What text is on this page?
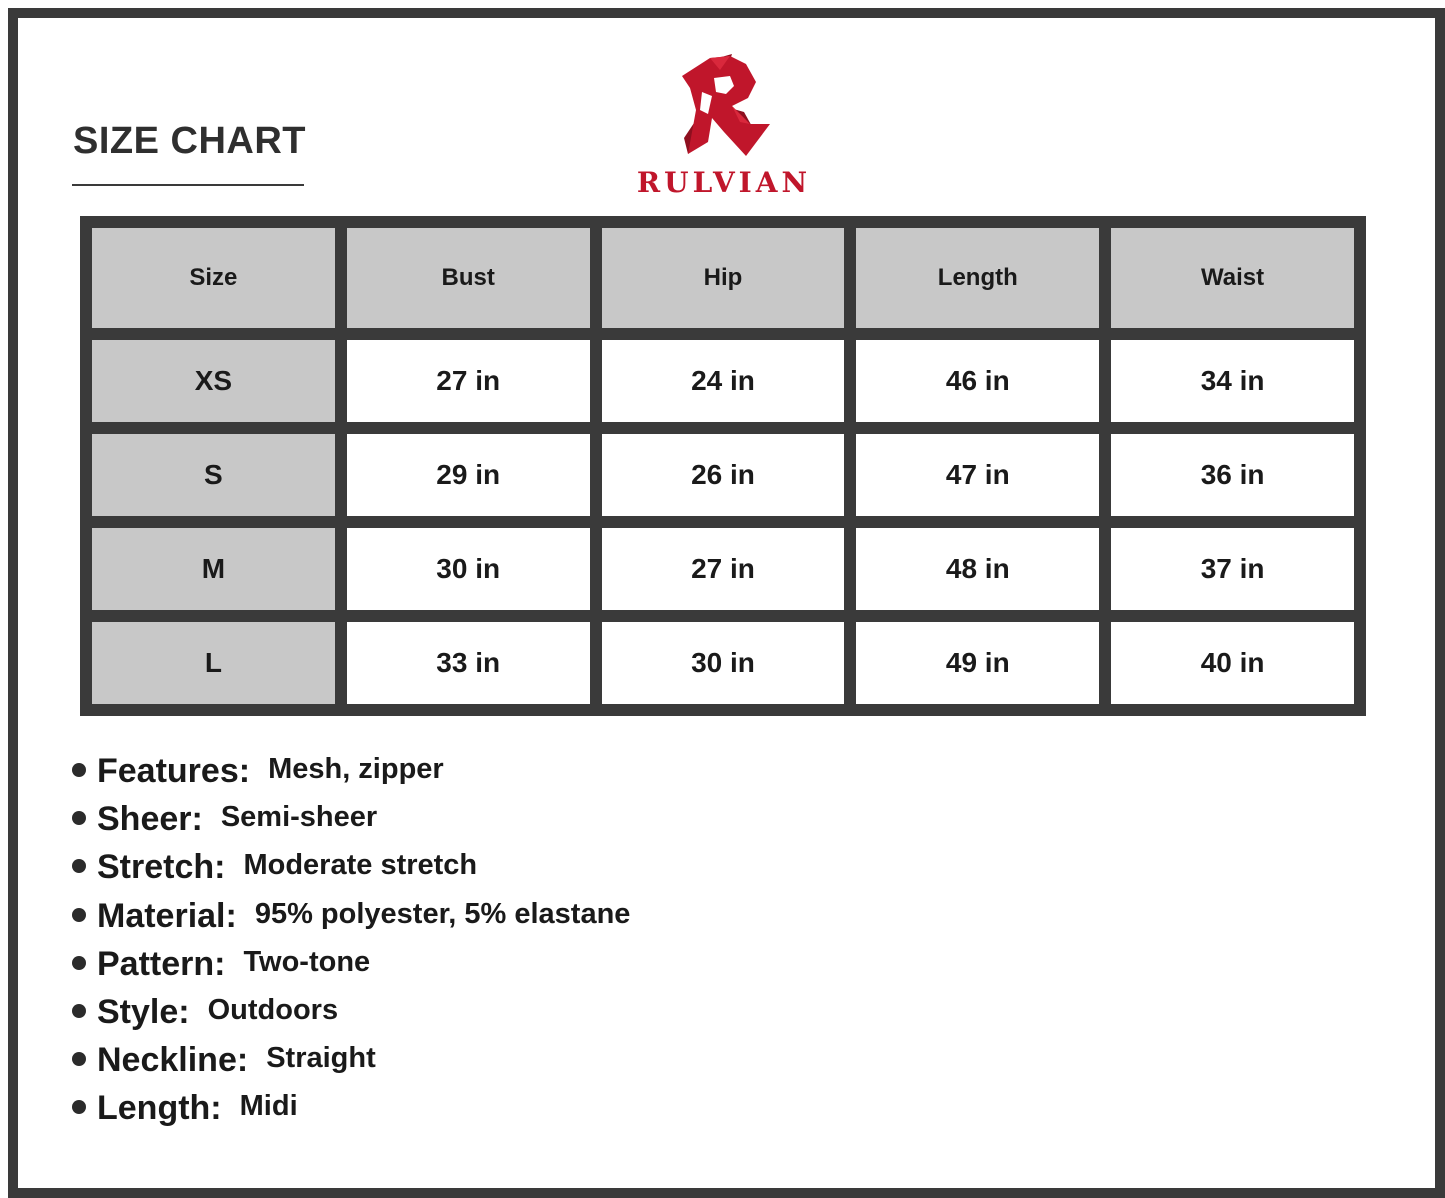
SIZE CHART
RULVIAN
Size	Bust	Hip	Length	Waist
XS	27 in	24 in	46 in	34 in
S	29 in	26 in	47 in	36 in
M	30 in	27 in	48 in	37 in
L	33 in	30 in	49 in	40 in
Features: Mesh, zipper
Sheer: Semi-sheer
Stretch: Moderate stretch
Material: 95% polyester, 5% elastane
Pattern: Two-tone
Style: Outdoors
Neckline: Straight
Length: Midi
